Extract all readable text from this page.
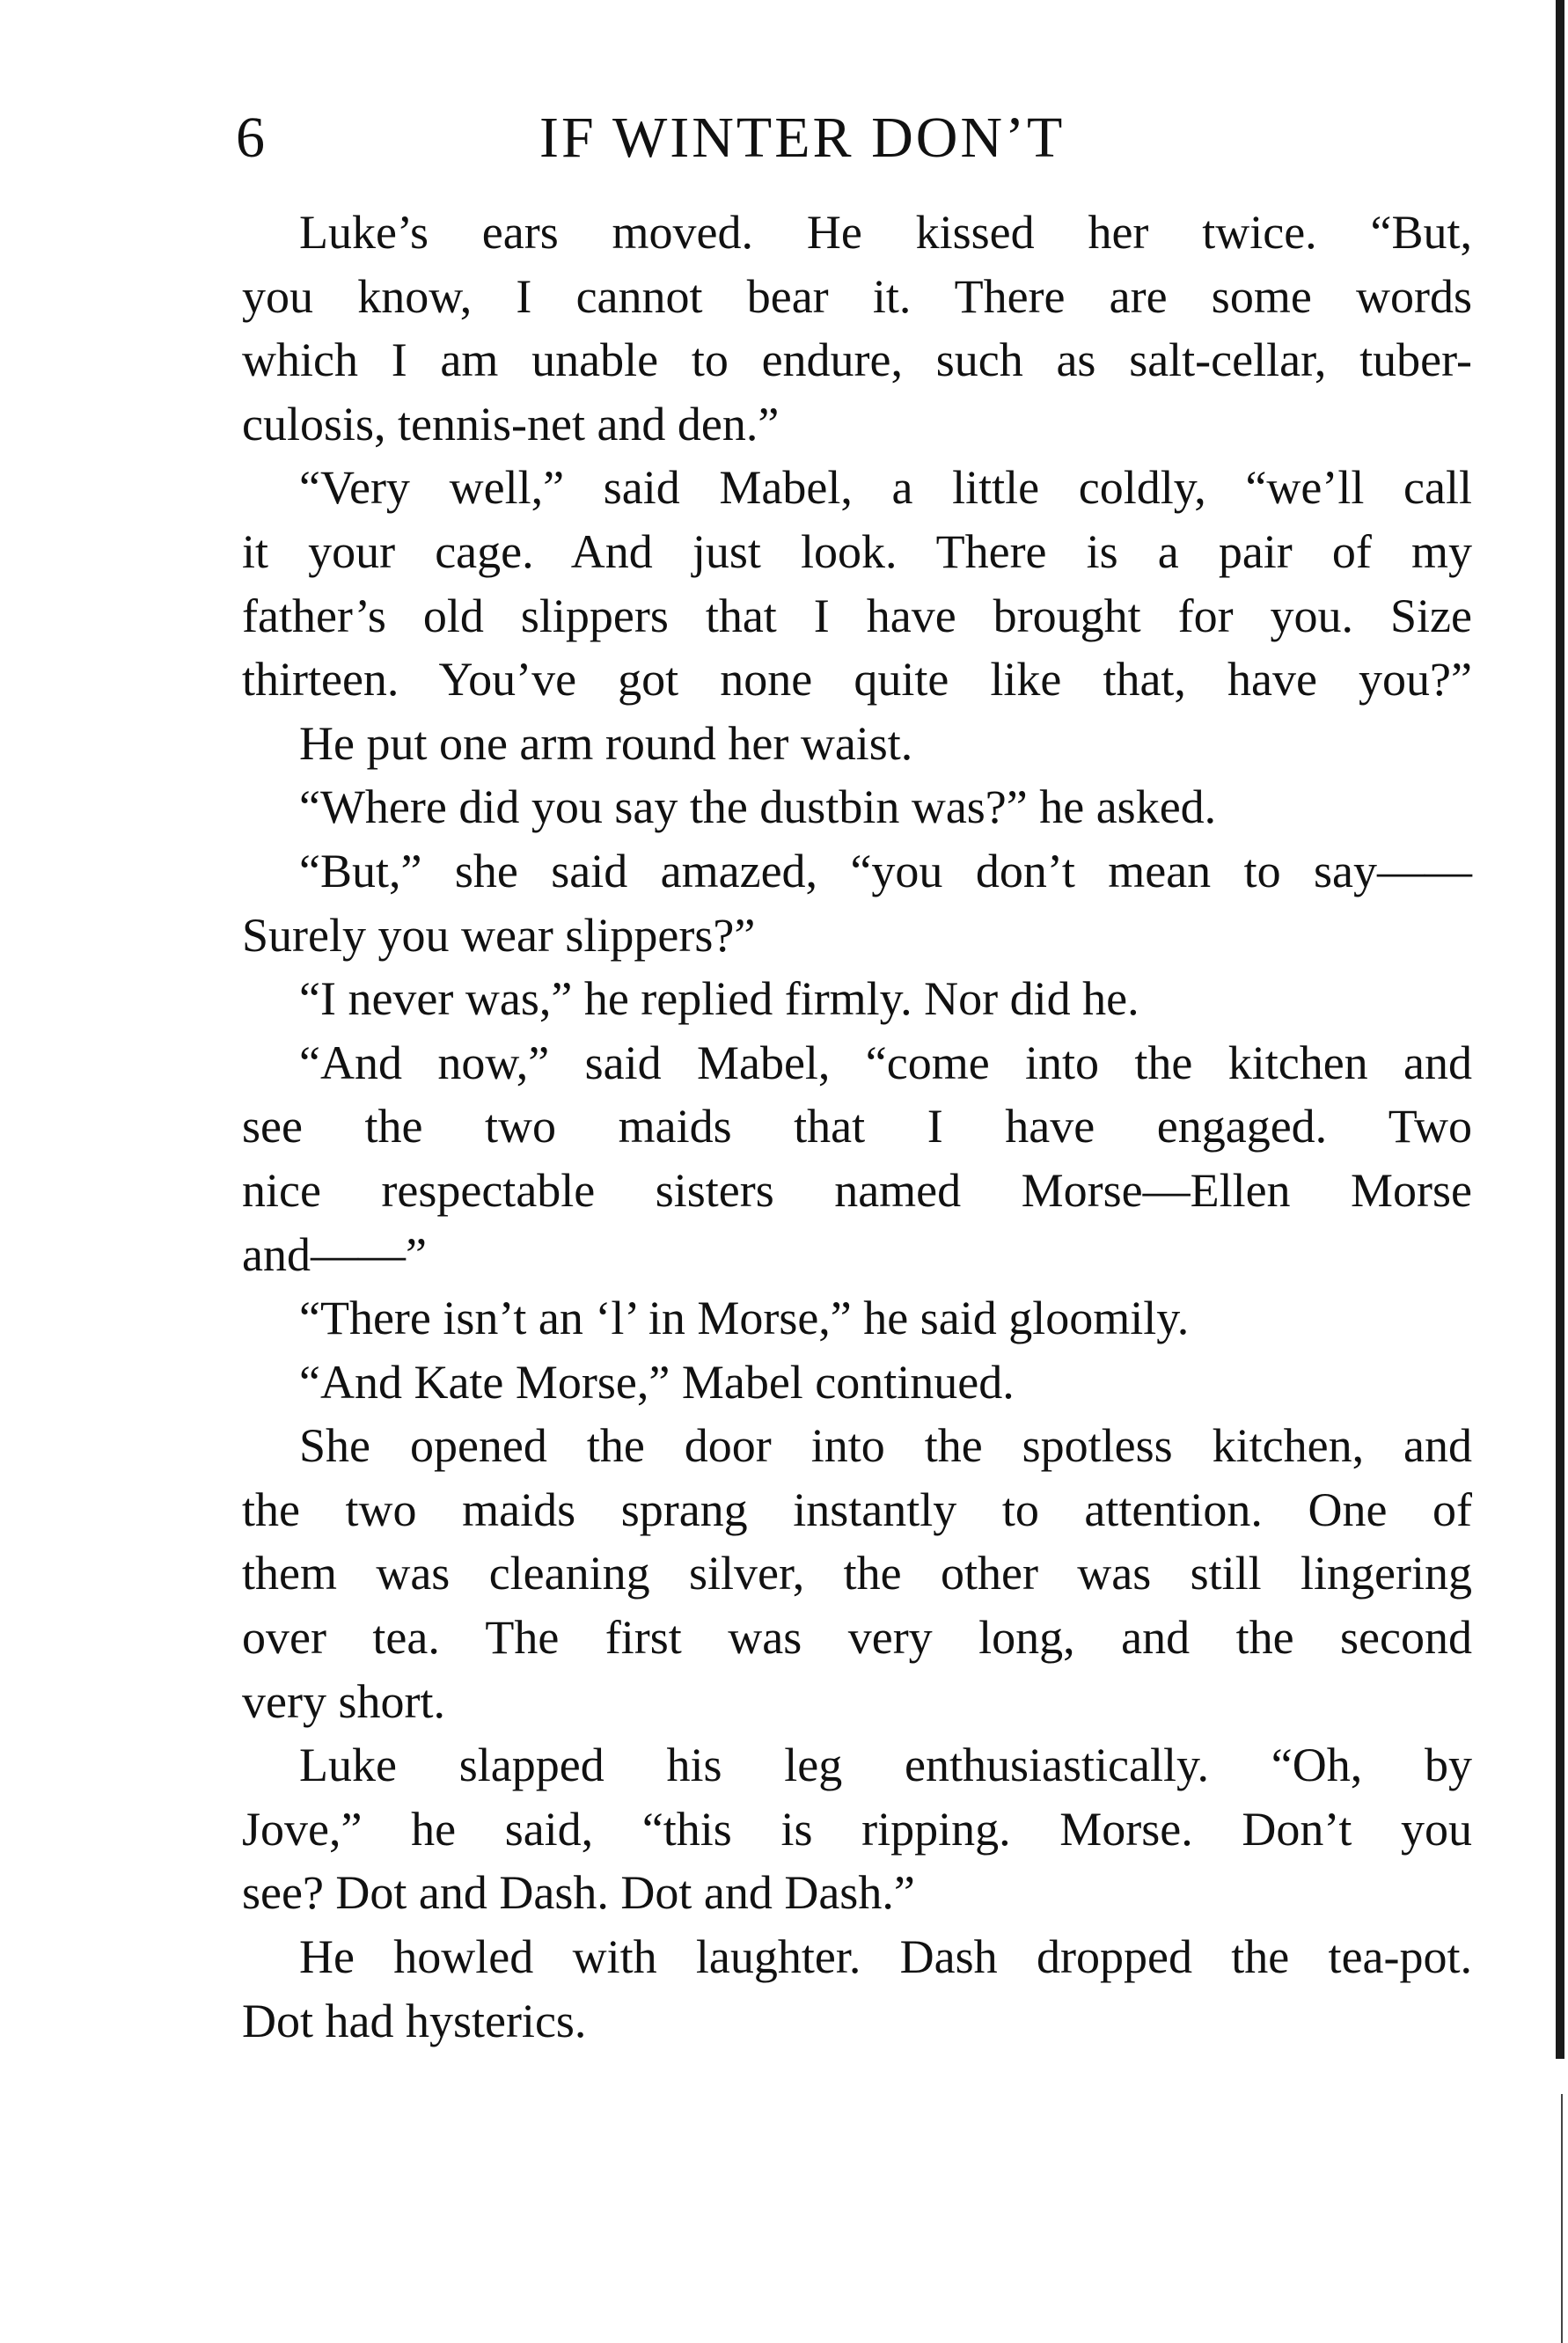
6	IF WINTER DON’T
Luke’s ears moved. He kissed her twice. “But,
you know, I cannot bear it. There are some words
which I am unable to endure, such as salt-cellar, tuber-
culosis, tennis-net and den.”
“Very well,” said Mabel, a little coldly, “we’ll call
it your cage. And just look. There is a pair of my
father’s old slippers that I have brought for you. Size
thirteen. You’ve got none quite like that, have you?”
He put one arm round her waist.
“Where did you say the dustbin was?” he asked.
“But,” she said amazed, “you don’t mean to say——
Surely you wear slippers?”
“I never was,” he replied firmly. Nor did he.
“And now,” said Mabel, “come into the kitchen and
see the two maids that I have engaged. Two
nice respectable sisters named Morse—Ellen Morse
and——”
“There isn’t an ‘l’ in Morse,” he said gloomily.
“And Kate Morse,” Mabel continued.
She opened the door into the spotless kitchen, and
the two maids sprang instantly to attention. One of
them was cleaning silver, the other was still lingering
over tea. The first was very long, and the second
very short.
Luke slapped his leg enthusiastically. “Oh, by
Jove,” he said, “this is ripping. Morse. Don’t you
see? Dot and Dash. Dot and Dash.”
He howled with laughter. Dash dropped the tea-pot.
Dot had hysterics.
